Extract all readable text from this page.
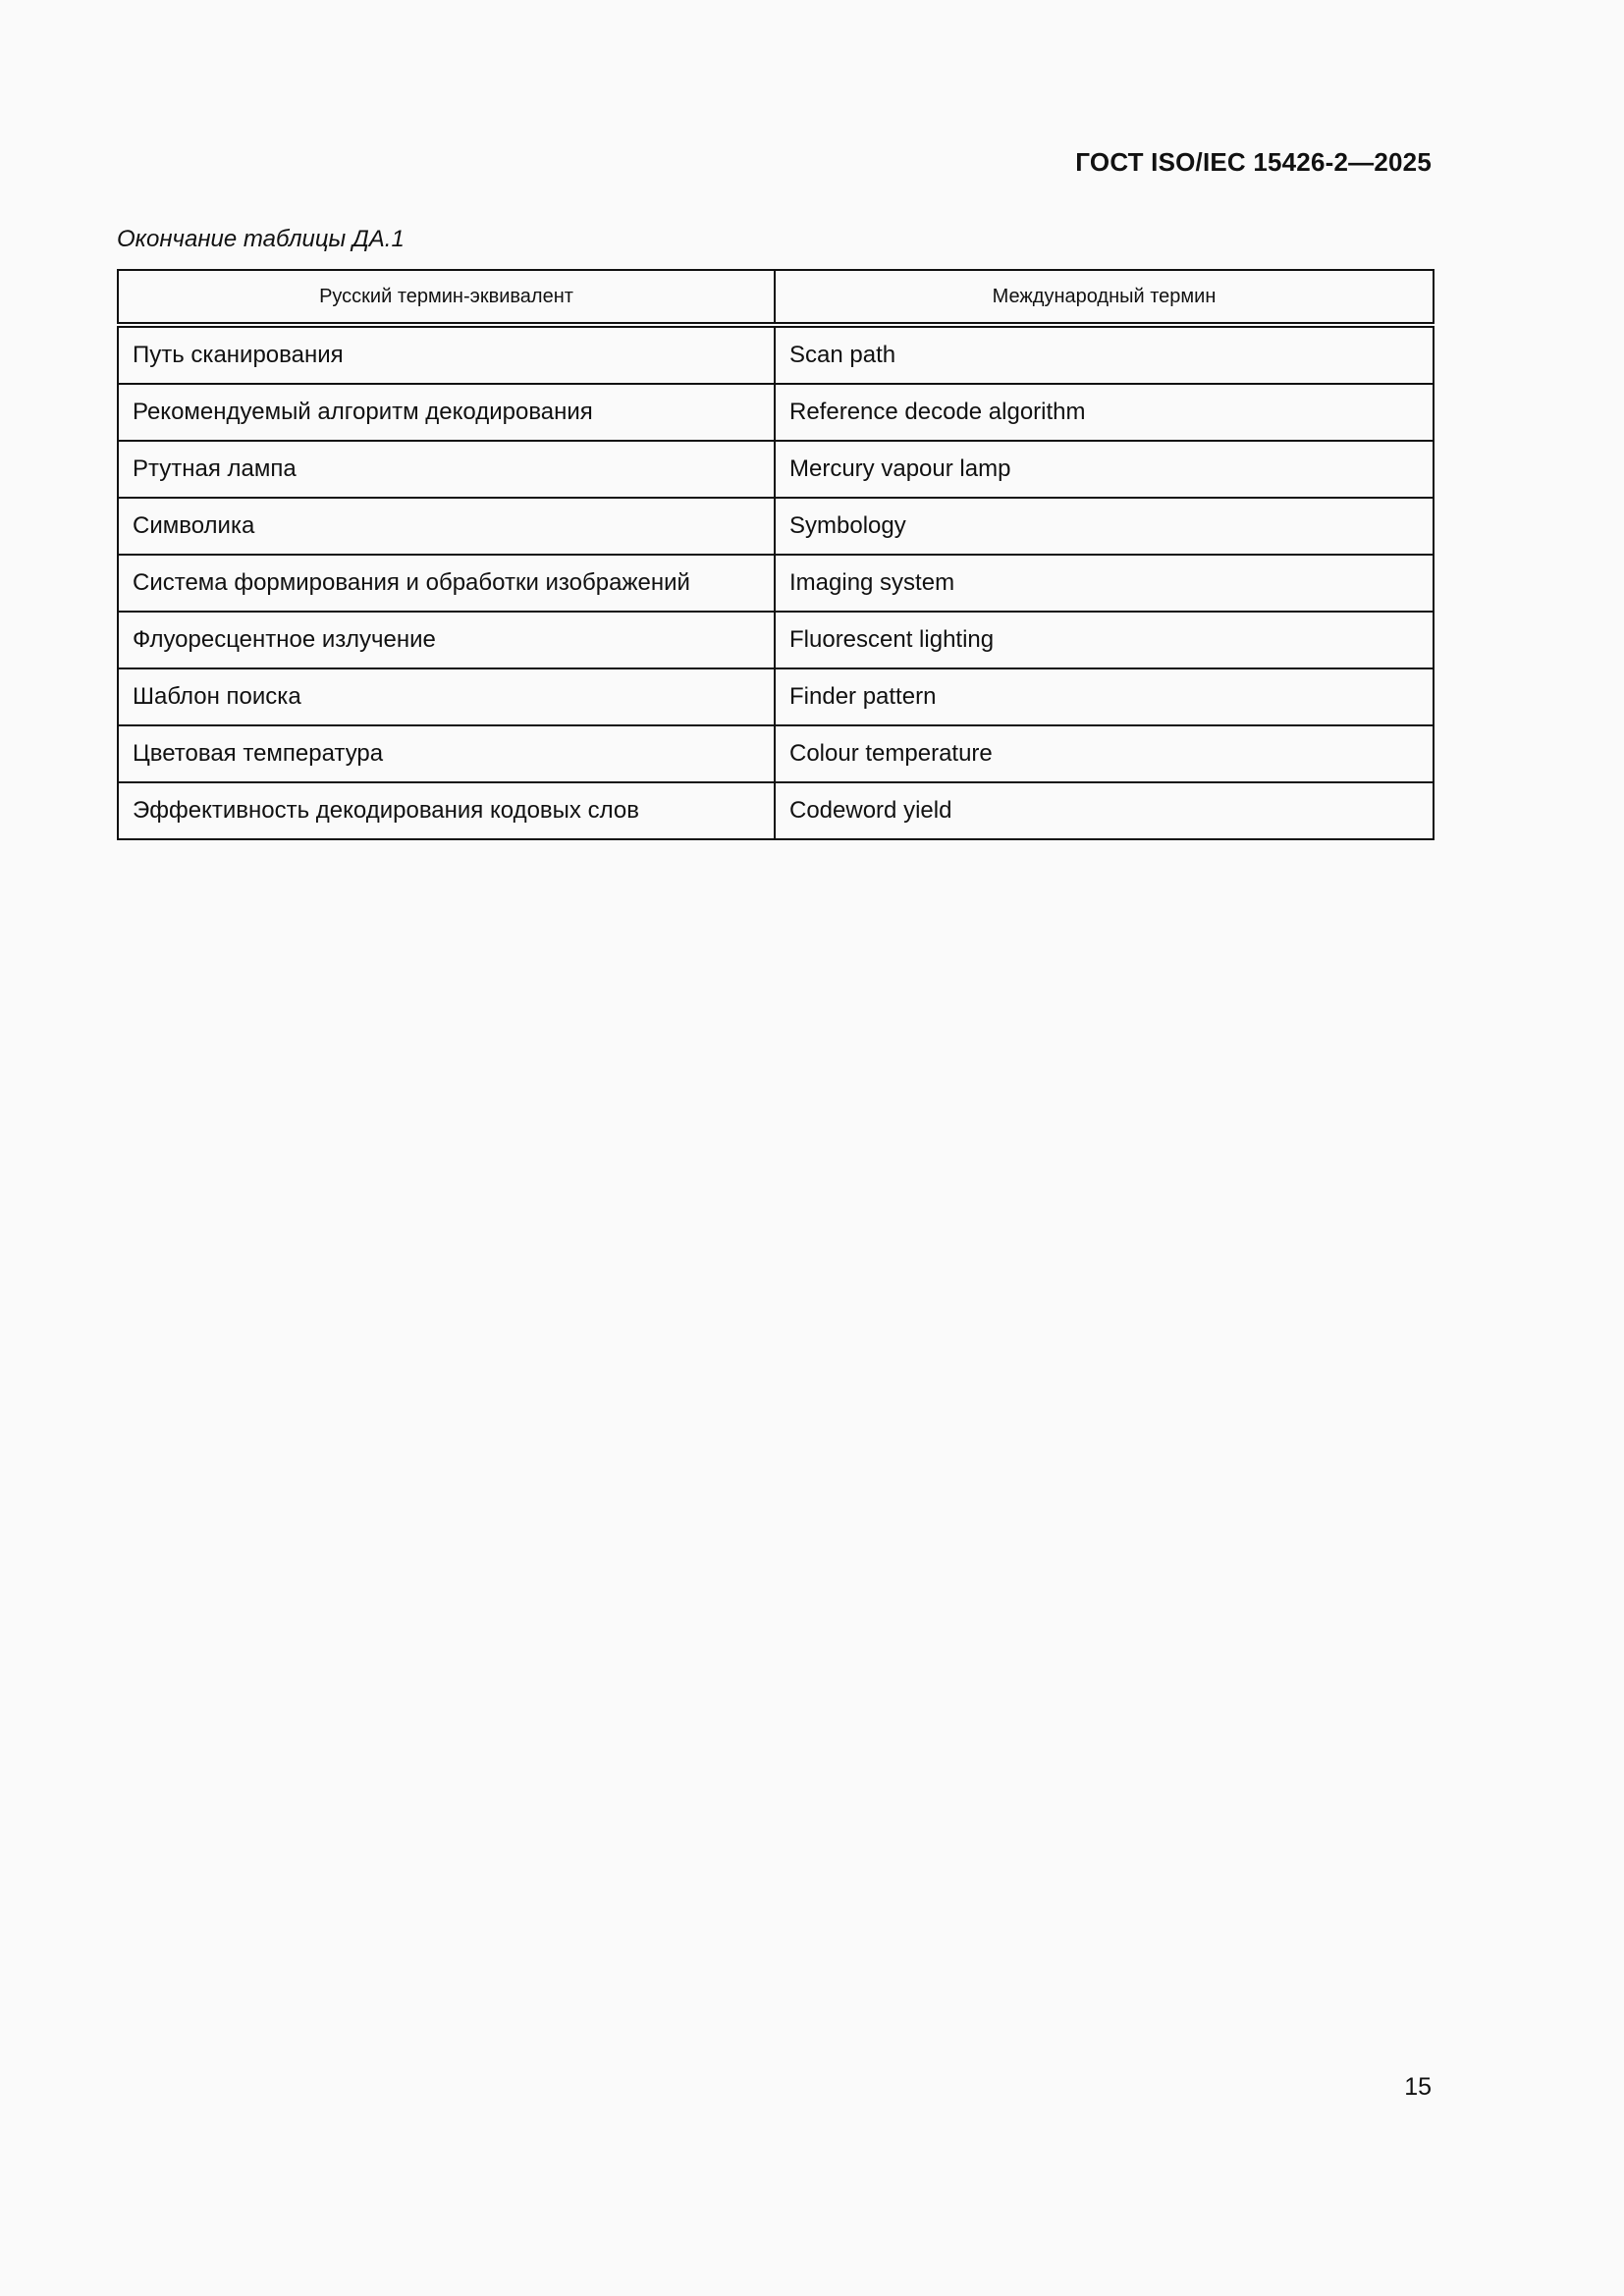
ГОСТ ISO/IEC 15426-2—2025
Окончание таблицы ДА.1
Русский термин-эквивалент	Международный термин
Путь сканирования	Scan path
Рекомендуемый алгоритм декодирования	Reference decode algorithm
Ртутная лампа	Mercury vapour lamp
Символика	Symbology
Система формирования и обработки изображений	Imaging system
Флуоресцентное излучение	Fluorescent lighting
Шаблон поиска	Finder pattern
Цветовая температура	Colour temperature
Эффективность декодирования кодовых слов	Codeword yield
15
